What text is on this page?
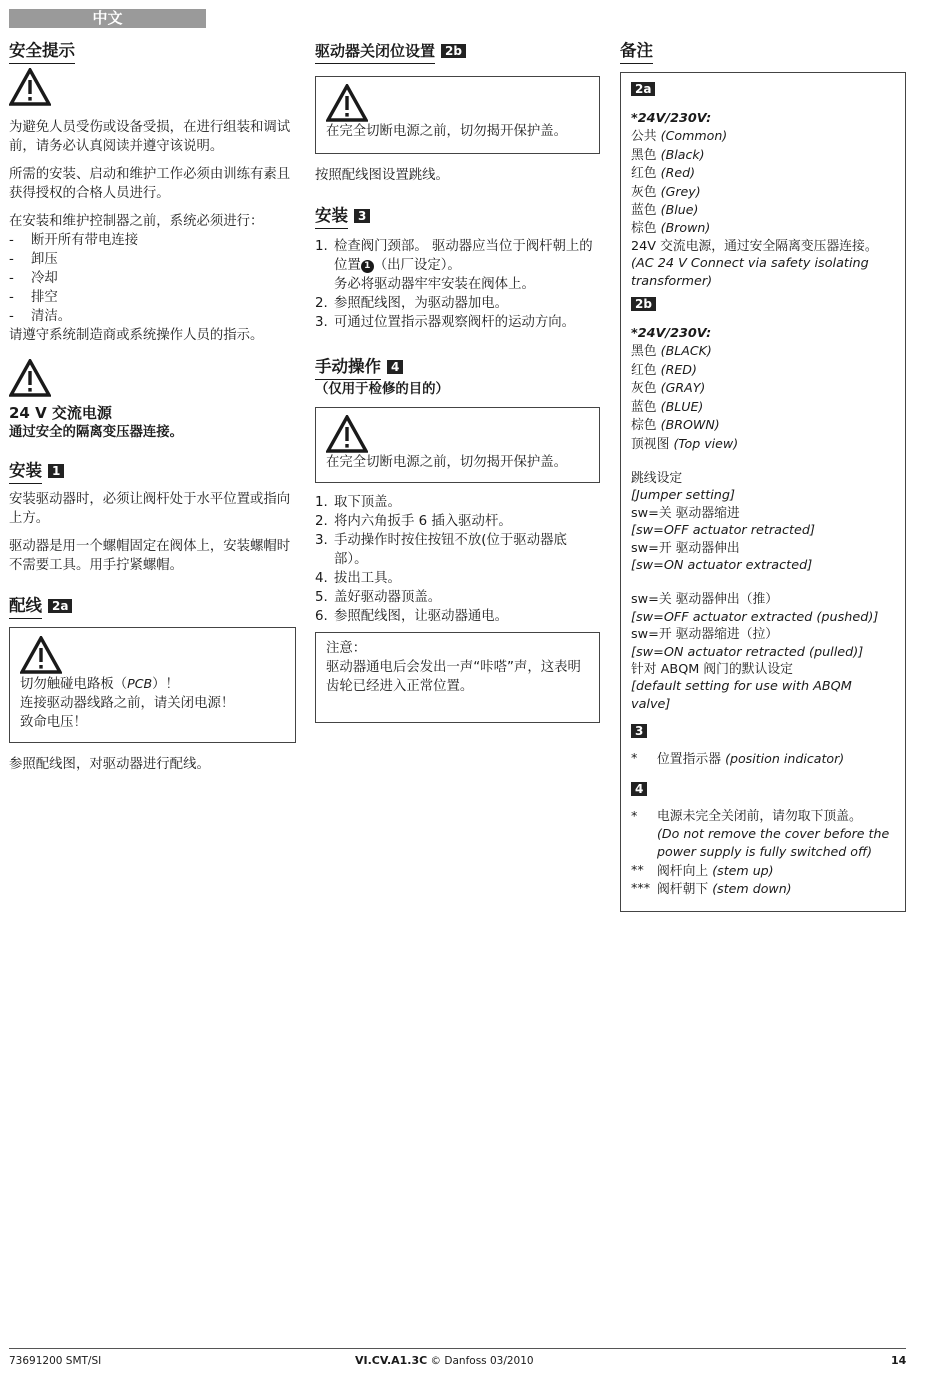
中文
安全提示

为避免人员受伤或设备受损，在进行组装和调试前，请务必认真阅读并遵守该说明。

所需的安装、启动和维护工作必须由训练有素且获得授权的合格人员进行。

在安装和维护控制器之前，系统必须进行：

- 断开所有带电连接
- 卸压
- 冷却
- 排空
- 清洁。

请遵守系统制造商或系统操作人员的指示。

24 V 交流电源

通过安全的隔离变压器连接。

安装 1

安装驱动器时，必须让阀杆处于水平位置或指向上方。

驱动器是用一个螺帽固定在阀体上，安装螺帽时不需要工具。用手拧紧螺帽。

配线 2a

切勿触碰电路板（PCB）！

连接驱动器线路之前，请关闭电源！

致命电压！

参照配线图，对驱动器进行配线。

驱动器关闭位设置 2b

在完全切断电源之前，切勿揭开保护盖。

按照配线图设置跳线。

安装 3
1. 检查阀门颈部。 驱动器应当位于阀杆朝上的位置 1 （出厂设定）。
务必将驱动器牢牢安装在阀体上。
2. 参照配线图，为驱动器加电。
3. 可通过位置指示器观察阀杆的运动方向。
手动操作 4

（仅用于检修的目的）

在完全切断电源之前，切勿揭开保护盖。

1. 取下顶盖。
2. 将内六角扳手 6 插入驱动杆。
3. 手动操作时按住按钮不放(位于驱动器底部）。
4. 拔出工具。
5. 盖好驱动器顶盖。
6. 参照配线图，让驱动器通电。

注意：

驱动器通电后会发出一声“咔嗒”声，这表明齿轮已经进入正常位置。

备注
2a
*24V/230V:
公共 (Common)
黑色 (Black)
红色 (Red)
灰色 (Grey)
蓝色 (Blue)
棕色 (Brown)
24V 交流电源，通过安全隔离变压器连接。
(AC 24 V Connect via safety isolating transformer)
2b
*24V/230V:
黑色 (BLACK)
红色 (RED)
灰色 (GRAY)
蓝色 (BLUE)
棕色 (BROWN)
顶视图 (Top view)
跳线设定
[Jumper setting]
sw=关 驱动器缩进
[sw=OFF actuator retracted]
sw=开 驱动器伸出
[sw=ON actuator extracted]
sw=关 驱动器伸出（推）
[sw=OFF actuator extracted (pushed)]
sw=开 驱动器缩进（拉）
[sw=ON actuator retracted (pulled)]
针对 ABQM 阀门的默认设定
[default setting for use with ABQM valve]
3
* 位置指示器 (position indicator)
4
* 电源未完全关闭前，请勿取下顶盖。
(Do not remove the cover before the power supply is fully switched off)
** 阀杆向上 (stem up)
*** 阀杆朝下 (stem down)
73691200 SMT/SI	VI.CV.A1.3C © Danfoss 03/2010	14
